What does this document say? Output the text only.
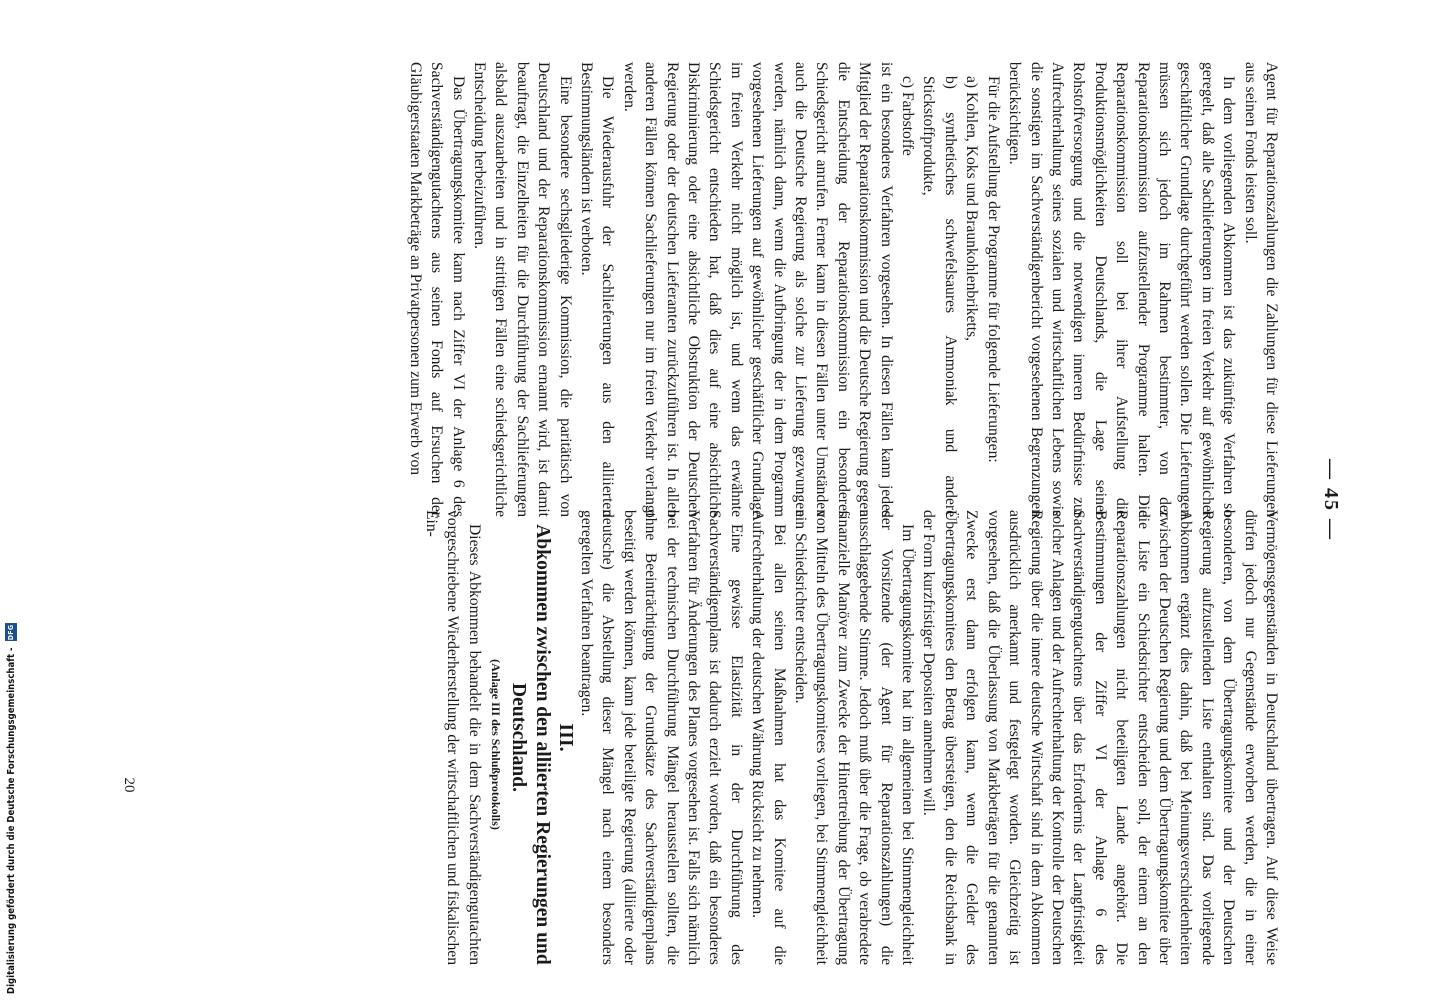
— 45 —

Agent für Reparationszahlungen die Zahlungen für diese Lieferungen aus seinen Fonds leisten soll.

In dem vorliegenden Abkommen ist das zukünftige Verfahren so geregelt, daß alle Sachlieferungen im freien Verkehr auf gewöhnlicher geschäftlicher Grundlage durchgeführt werden sollen. Die Lieferungen müssen sich jedoch im Rahmen bestimmter, von der Reparationskommission aufzustellender Programme halten. Die Reparationskommission soll bei ihrer Aufstellung die Produktionsmöglichkeiten Deutschlands, die Lage seiner Rohstoffversorgung und die notwendigen inneren Bedürfnisse zur Aufrechterhaltung seines sozialen und wirtschaftlichen Lebens sowie die sonstigen im Sachverständigenbericht vorgesehenen Begrenzungen berücksichtigen.

Für die Aufstellung der Programme für folgende Lieferungen:

a) Kohlen, Koks und Braunkohlenbriketts,

b) synthetisches schwefelsaures Ammoniak und andere Stickstoffprodukte,

c) Farbstoffe

ist ein besonderes Verfahren vorgesehen. In diesen Fällen kann jedes Mitglied der Reparationskommission und die Deutsche Regierung gegen die Entscheidung der Reparationskommission ein besonderes Schiedsgericht anrufen. Ferner kann in diesen Fällen unter Umständen auch die Deutsche Regierung als solche zur Lieferung gezwungen werden, nämlich dann, wenn die Aufbringung der in dem Programm vorgesehenen Lieferungen auf gewöhnlicher geschäftlicher Grundlage im freien Verkehr nicht möglich ist, und wenn das erwähnte Schiedsgericht entschieden hat, daß dies auf eine absichtliche Diskriminierung oder eine absichtliche Obstruktion der Deutschen Regierung oder der deutschen Lieferanten zurückzuführen ist. In allen anderen Fällen können Sachlieferungen nur im freien Verkehr verlangt werden.

Die Wiederausfuhr der Sachlieferungen aus den alliierten Bestimmungsländern ist verboten.

Eine besondere sechsgliederige Kommission, die paritätisch von Deutschland und der Reparationskommission ernannt wird, ist damit beauftragt, die Einzelheiten für die Durchführung der Sachlieferungen alsbald auszuarbeiten und in strittigen Fällen eine schiedsgerichtliche Entscheidung herbeizuführen.

Das Übertragungskomitee kann nach Ziffer VI der Anlage 6 des Sachverständigengutachtens aus seinen Fonds auf Ersuchen der Gläubigerstaaten Markbeträge an Privatpersonen zum Erwerb von

Vermögensgegenständen in Deutschland übertragen. Auf diese Weise dürfen jedoch nur Gegenstände erworben werden, die in einer besonderen, von dem Übertragungskomitee und der Deutschen Regierung aufzustellenden Liste enthalten sind. Das vorliegende Abkommen ergänzt dies dahin, daß bei Meinungsverschiedenheiten zwischen der Deutschen Regierung und dem Übertragungskomitee über die Liste ein Schiedsrichter entscheiden soll, der einem an den Reparationszahlungen nicht beteiligten Lande angehört. Die Bestimmungen der Ziffer VI der Anlage 6 des Sachverständigengutachtens über das Erfordernis der Langfristigkeit solcher Anlagen und der Aufrechterhaltung der Kontrolle der Deutschen Regierung über die innere deutsche Wirtschaft sind in dem Abkommen ausdrücklich anerkannt und festgelegt worden. Gleichzeitig ist vorgesehen, daß die Überlassung von Markbeträgen für die genannten Zwecke erst dann erfolgen kann, wenn die Gelder des Übertragungskomitees den Betrag übersteigen, den die Reichsbank in der Form kurzfristiger Depositen annehmen will.

Im Übertragungskomitee hat im allgemeinen bei Stimmengleichheit der Vorsitzende (der Agent für Reparationszahlungen) die ausschlaggebende Stimme. Jedoch muß über die Frage, ob verabredete finanzielle Manöver zum Zwecke der Hintertreibung der Übertragung von Mitteln des Übertragungskomitees vorliegen, bei Stimmengleichheit ein Schiedsrichter entscheiden.

Bei allen seinen Maßnahmen hat das Komitee auf die Aufrechterhaltung der deutschen Währung Rücksicht zu nehmen.

Eine gewisse Elastizität in der Durchführung des Sachverständigenplans ist dadurch erzielt worden, daß ein besonderes Verfahren für Änderungen des Planes vorgesehen ist. Falls sich nämlich bei der technischen Durchführung Mängel herausstellen sollten, die ohne Beeinträchtigung der Grundsätze des Sachverständigenplans beseitigt werden können, kann jede beteiligte Regierung (alliierte oder deutsche) die Abstellung dieser Mängel nach einem besonders geregelten Verfahren beantragen.

III.

Abkommen zwischen den alliierten Regierungen und Deutschland.

(Anlage III des Schlußprotokolls)

Dieses Abkommen behandelt die in dem Sachverständigengutachten vorgeschriebene Wiederherstellung der wirtschaftlichen und fiskalischen Ein-

20
Digitalisierung gefördert durch die Deutsche Forschungsgemeinschaft -
DFG
